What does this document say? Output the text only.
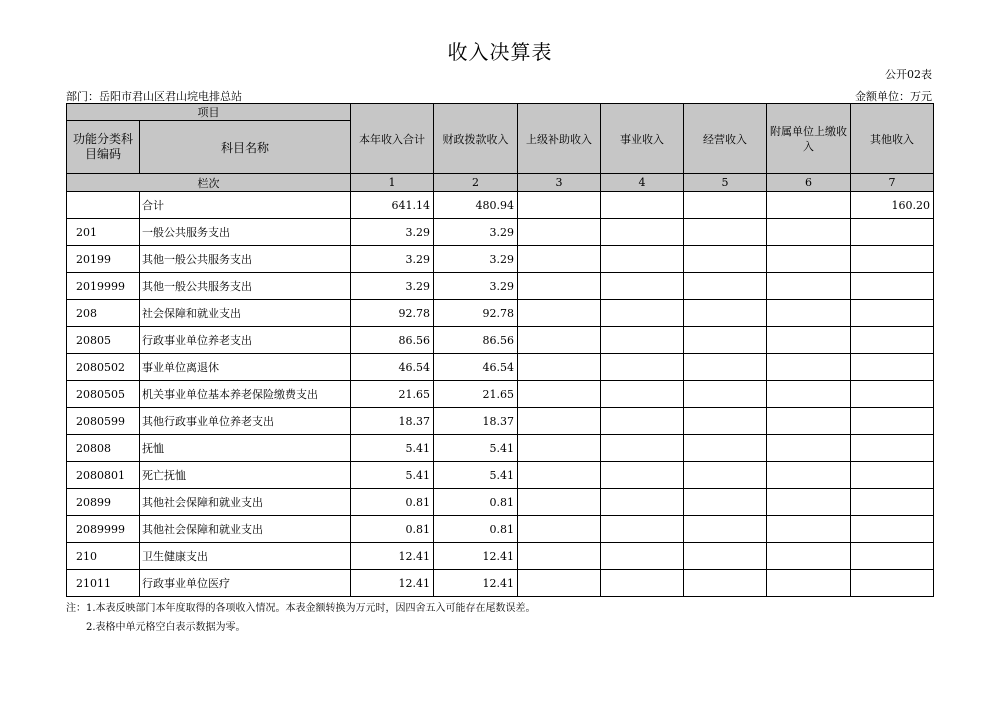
收入决算表
公开02表
部门：岳阳市君山区君山垸电排总站	金额单位：万元
项目		本年收入合计	财政拨款收入	上级补助收入	事业收入	经营收入	附属单位上缴收入	其他收入
功能分类科目编码	科目名称							
栏次		1	2	3	4	5	6	7
	合计	641.14	480.94					160.20
201	一般公共服务支出	3.29	3.29					
20199	其他一般公共服务支出	3.29	3.29					
2019999	其他一般公共服务支出	3.29	3.29					
208	社会保障和就业支出	92.78	92.78					
20805	行政事业单位养老支出	86.56	86.56					
2080502	事业单位离退休	46.54	46.54					
2080505	机关事业单位基本养老保险缴费支出	21.65	21.65					
2080599	其他行政事业单位养老支出	18.37	18.37					
20808	抚恤	5.41	5.41					
2080801	死亡抚恤	5.41	5.41					
20899	其他社会保障和就业支出	0.81	0.81					
2089999	其他社会保障和就业支出	0.81	0.81					
210	卫生健康支出	12.41	12.41					
21011	行政事业单位医疗	12.41	12.41					
注：1.本表反映部门本年度取得的各项收入情况。本表金额转换为万元时，因四舍五入可能存在尾数误差。
2.表格中单元格空白表示数据为零。
